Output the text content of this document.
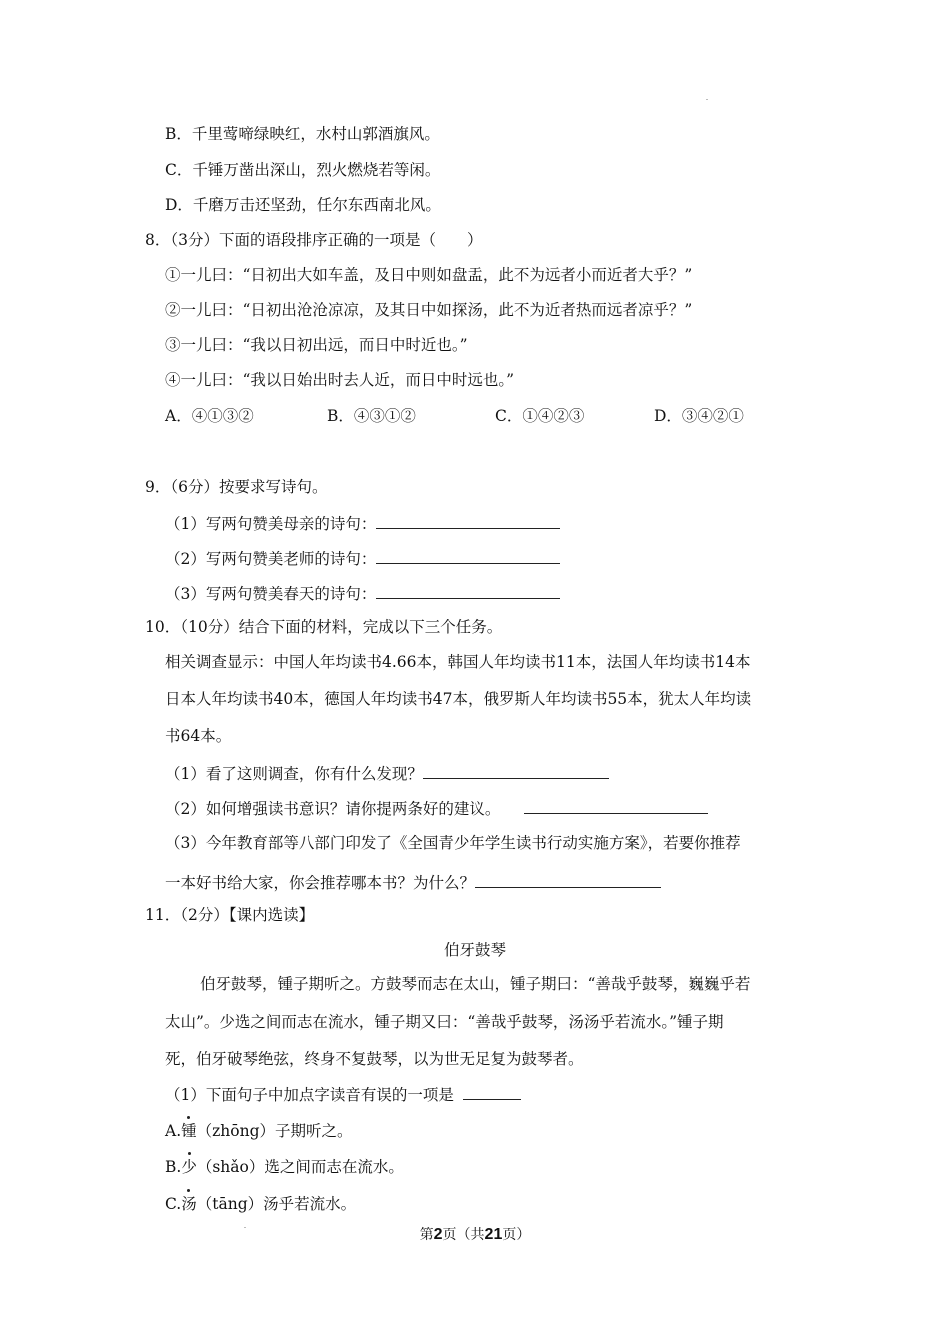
B．千里莺啼绿映红，水村山郭酒旗风。
C．千锤万凿出深山，烈火燃烧若等闲。
D．千磨万击还坚劲，任尔东西南北风。
8．（3分）下面的语段排序正确的一项是（　　）
①一儿曰：“日初出大如车盖，及日中则如盘盂，此不为远者小而近者大乎？”
②一儿曰：“日初出沧沧凉凉，及其日中如探汤，此不为近者热而远者凉乎？”
③一儿曰：“我以日初出远，而日中时近也。”
④一儿曰：“我以日始出时去人近，而日中时远也。”
A．④①③②	B．④③①②	C．①④②③	D．③④②①
9．（6分）按要求写诗句。
（1）写两句赞美母亲的诗句：
（2）写两句赞美老师的诗句：
（3）写两句赞美春天的诗句：
10．（10分）结合下面的材料，完成以下三个任务。
相关调查显示：中国人年均读书4.66本，韩国人年均读书11本，法国人年均读书14本
日本人年均读书40本，德国人年均读书47本，俄罗斯人年均读书55本，犹太人年均读
书64本。
（1）看了这则调查，你有什么发现？
（2）如何增强读书意识？请你提两条好的建议。
（3）今年教育部等八部门印发了《全国青少年学生读书行动实施方案》，若要你推荐
一本好书给大家，你会推荐哪本书？为什么？
11．（2分）【课内选读】
伯牙鼓琴
伯牙鼓琴，锺子期听之。方鼓琴而志在太山，锺子期曰：“善哉乎鼓琴，巍巍乎若
太山”。少选之间而志在流水，锺子期又曰：“善哉乎鼓琴，汤汤乎若流水。”锺子期
死，伯牙破琴绝弦，终身不复鼓琴，以为世无足复为鼓琴者。
（1）下面句子中加点字读音有误的一项是
A.锺（zhōng）子期听之。
B.少（shǎo）选之间而志在流水。
C.汤（tāng）汤乎若流水。
第2页（共21页）
